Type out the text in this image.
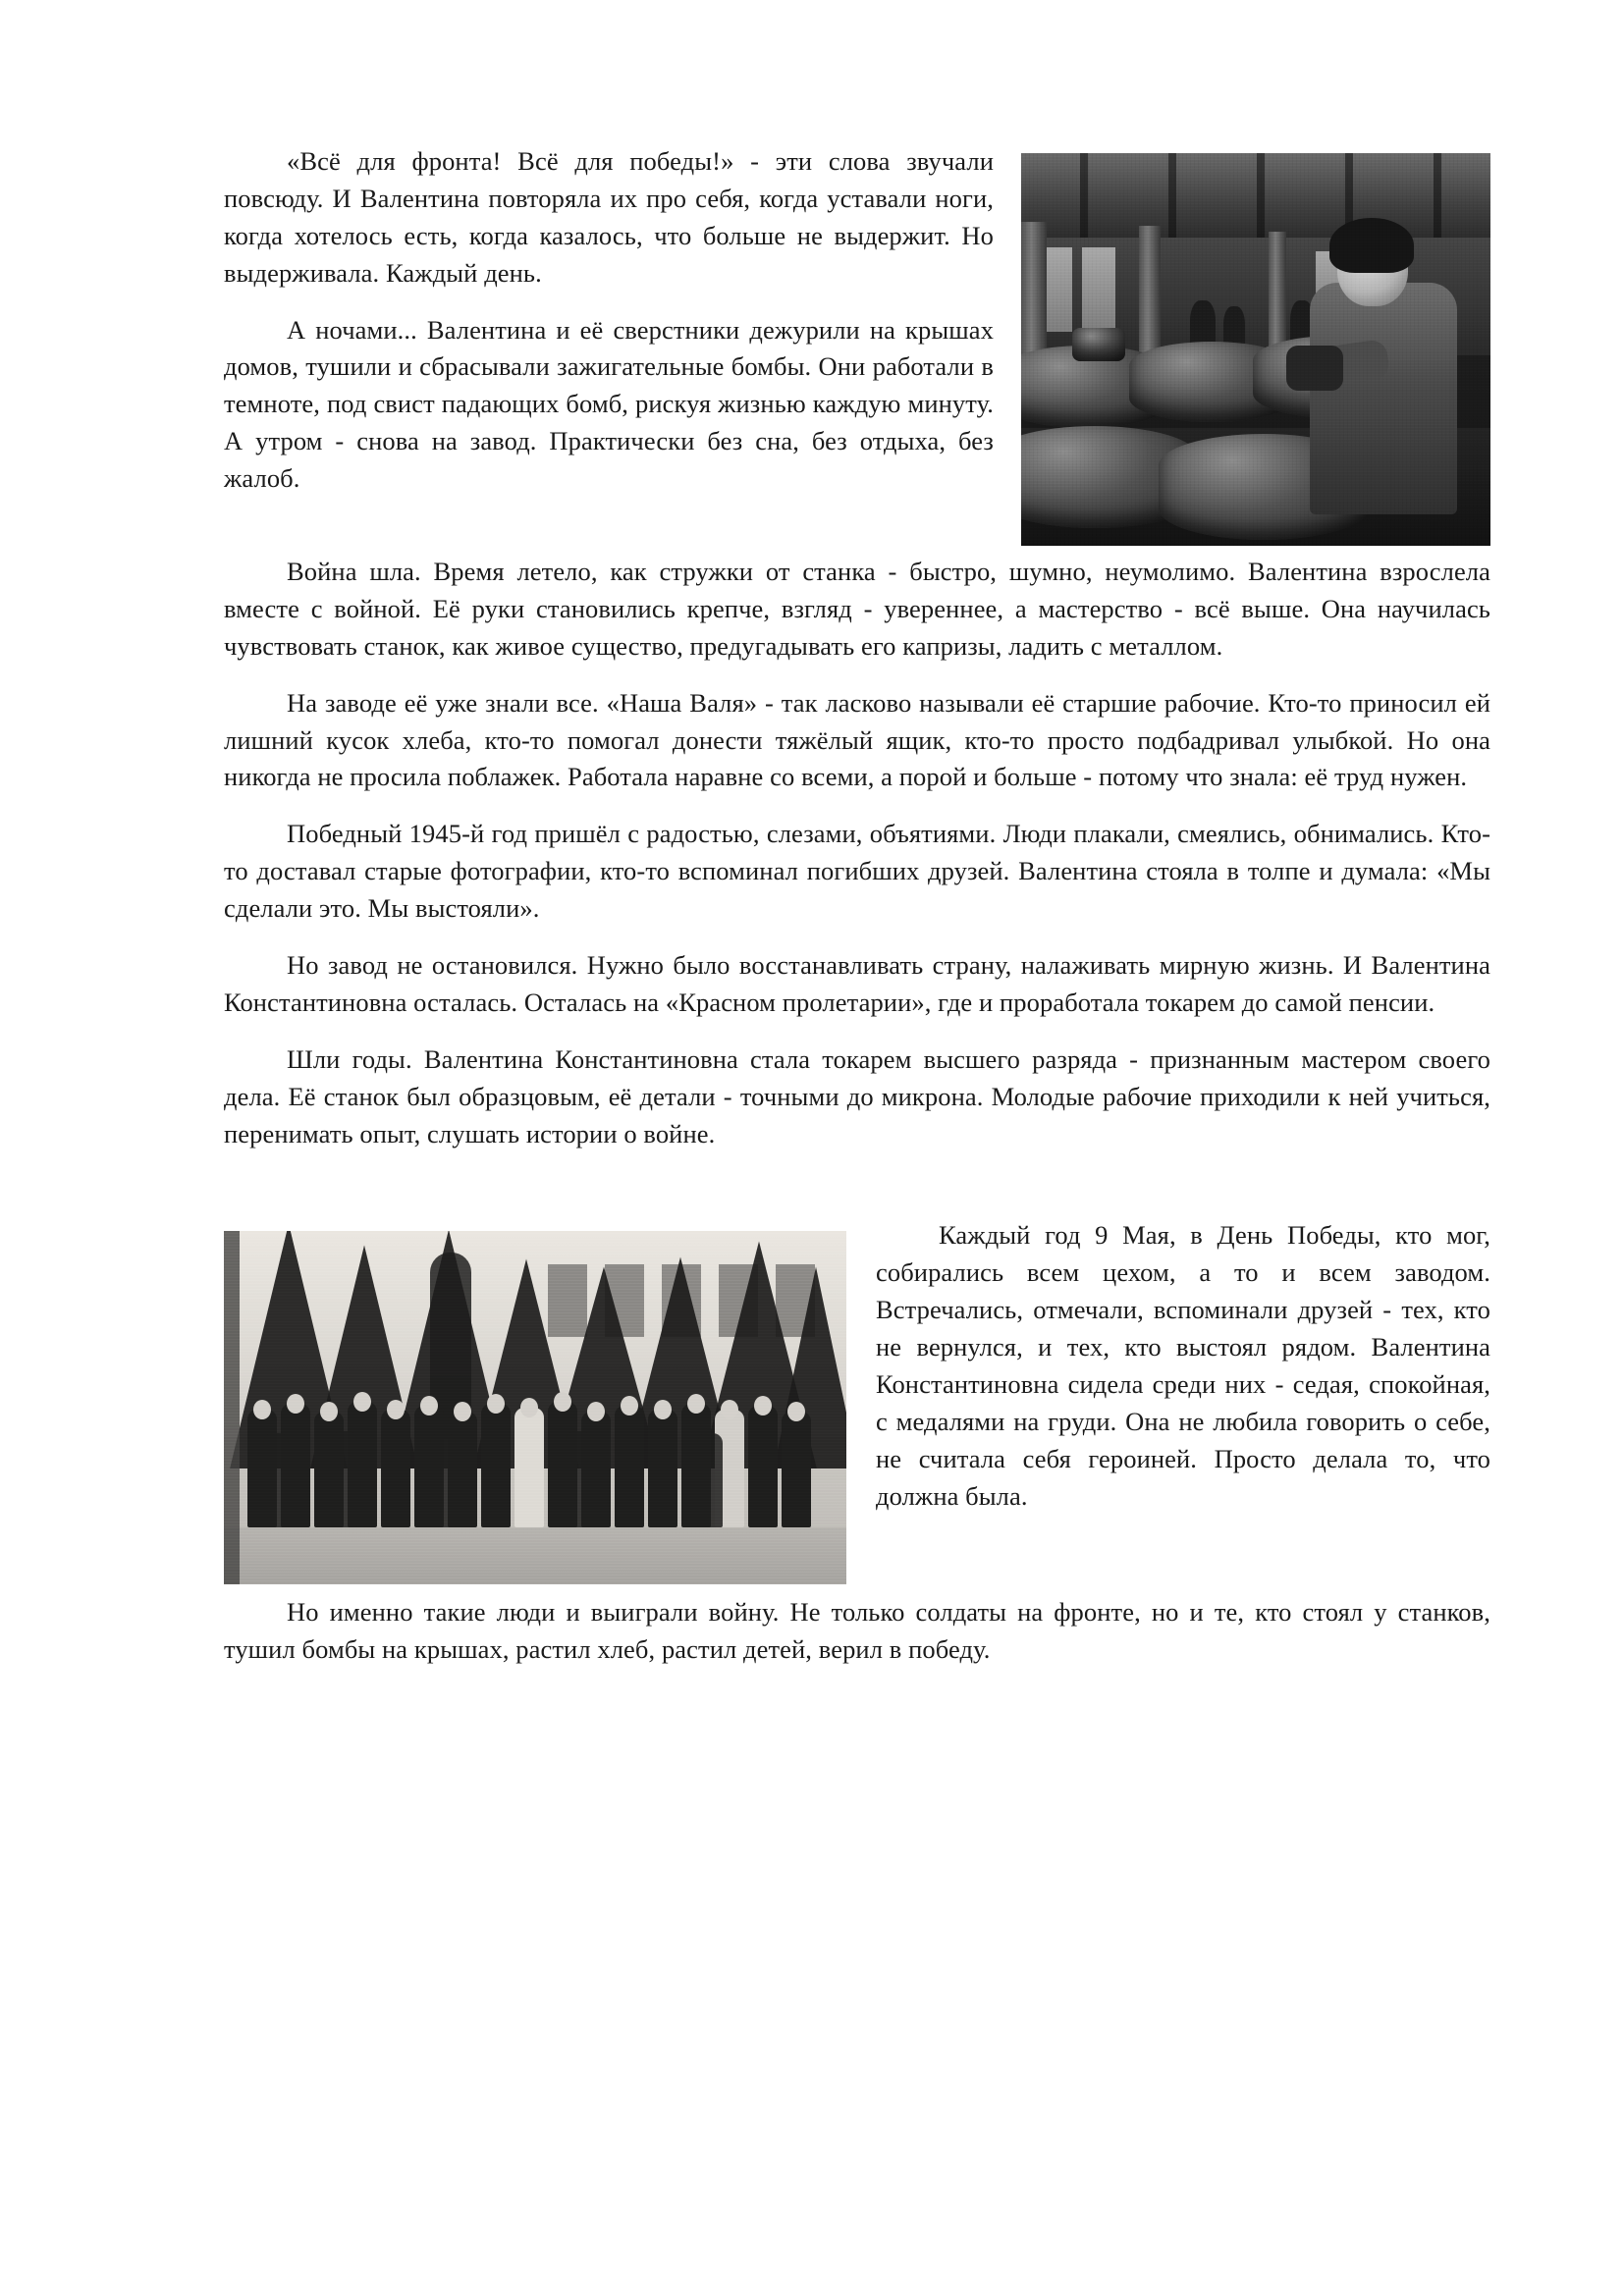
«Всё для фронта! Всё для победы!» - эти слова звучали повсюду. И Валентина повторяла их про себя, когда уставали ноги, когда хотелось есть, когда казалось, что больше не выдержит. Но выдерживала. Каждый день.

А ночами... Валентина и её сверстники дежурили на крышах домов, тушили и сбрасывали зажигательные бомбы. Они работали в темноте, под свист падающих бомб, рискуя жизнью каждую минуту. А утром - снова на завод. Практически без сна, без отдыха, без жалоб.

Война шла. Время летело, как стружки от станка - быстро, шумно, неумолимо. Валентина взрослела вместе с войной. Её руки становились крепче, взгляд - увереннее, а мастерство - всё выше. Она научилась чувствовать станок, как живое существо, предугадывать его капризы, ладить с металлом.

На заводе её уже знали все. «Наша Валя» - так ласково называли её старшие рабочие. Кто-то приносил ей лишний кусок хлеба, кто-то помогал донести тяжёлый ящик, кто-то просто подбадривал улыбкой. Но она никогда не просила поблажек. Работала наравне со всеми, а порой и больше - потому что знала: её труд нужен.

Победный 1945-й год пришёл с радостью, слезами, объятиями. Люди плакали, смеялись, обнимались. Кто-то доставал старые фотографии, кто-то вспоминал погибших друзей. Валентина стояла в толпе и думала: «Мы сделали это. Мы выстояли».

Но завод не остановился. Нужно было восстанавливать страну, налаживать мирную жизнь. И Валентина Константиновна осталась. Осталась на «Красном пролетарии», где и проработала токарем до самой пенсии.

Шли годы. Валентина Константиновна стала токарем высшего разряда - признанным мастером своего дела. Её станок был образцовым, её детали - точными до микрона. Молодые рабочие приходили к ней учиться, перенимать опыт, слушать истории о войне.

Каждый год 9 Мая, в День Победы, кто мог, собирались всем цехом, а то и всем заводом. Встречались, отмечали, вспоминали друзей - тех, кто не вернулся, и тех, кто выстоял рядом. Валентина Константиновна сидела среди них - седая, спокойная, с медалями на груди. Она не любила говорить о себе, не считала себя героиней. Просто делала то, что должна была.

Но именно такие люди и выиграли войну. Не только солдаты на фронте, но и те, кто стоял у станков, тушил бомбы на крышах, растил хлеб, растил детей, верил в победу.
